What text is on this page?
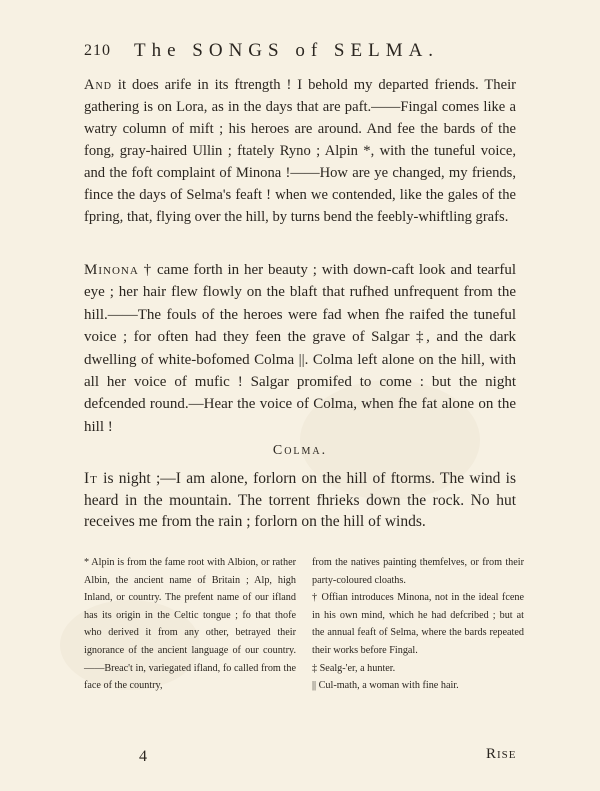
210 The SONGS of SELMA.

And it does arife in its ftrength ! I behold my departed friends. Their gathering is on Lora, as in the days that are paft.——Fingal comes like a watry column of mift ; his heroes are around. And fee the bards of the fong, gray-haired Ullin ; ftately Ryno ; Alpin *, with the tuneful voice, and the foft complaint of Minona !——How are ye changed, my friends, fince the days of Selma's feaft ! when we contended, like the gales of the fpring, that, flying over the hill, by turns bend the feebly-whiftling grafs.

Minona † came forth in her beauty ; with down-caft look and tearful eye ; her hair flew flowly on the blaft that rufhed unfrequent from the hill.——The fouls of the heroes were fad when fhe raifed the tuneful voice ; for often had they feen the grave of Salgar ‡, and the dark dwelling of white-bofomed Colma ||. Colma left alone on the hill, with all her voice of mufic ! Salgar promifed to come : but the night defcended round.—Hear the voice of Colma, when fhe fat alone on the hill !

Colma.

It is night ;—I am alone, forlorn on the hill of ftorms. The wind is heard in the mountain. The torrent fhrieks down the rock. No hut receives me from the rain ; forlorn on the hill of winds.

* Alpin is from the fame root with Albion, or rather Albin, the ancient name of Britain ; Alp, high Inland, or country. The prefent name of our ifland has its origin in the Celtic tongue ; fo that thofe who derived it from any other, betrayed their ignorance of the ancient language of our country.——Breac't in, variegated ifland, fo called from the face of the country,

from the natives painting themfelves, or from their party-coloured cloaths.

† Offian introduces Minona, not in the ideal fcene in his own mind, which he had defcribed ; but at the annual feaft of Selma, where the bards repeated their works before Fingal.

‡ Sealg-'er, a hunter.

|| Cul-math, a woman with fine hair.

4	Rise
